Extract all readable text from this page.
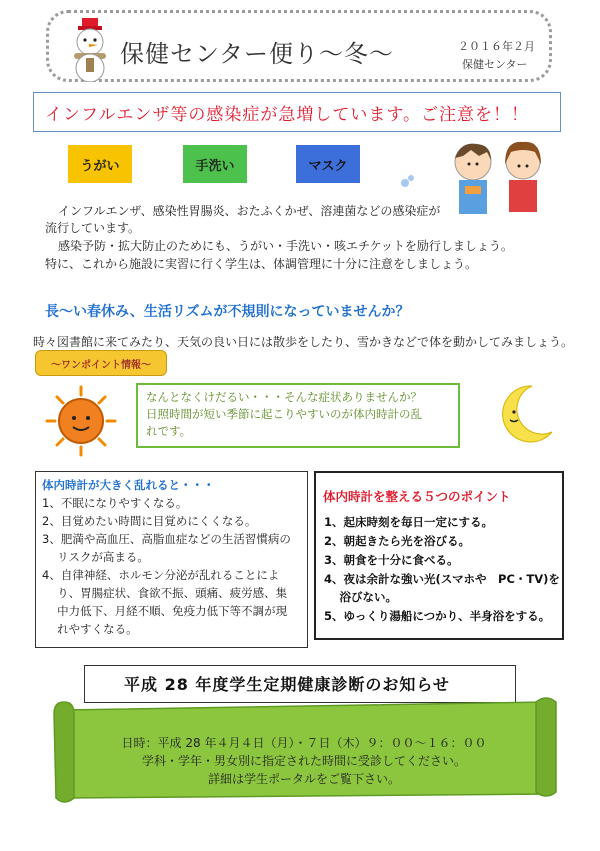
保健センター便り～冬～	２０１６年２月
保健センター
インフルエンザ等の感染症が急増しています。ご注意を！！
うがい	手洗い	マスク
インフルエンザ、感染性胃腸炎、おたふくかぜ、溶連菌などの感染症が
流行しています。
感染予防・拡大防止のためにも、うがい・手洗い・咳エチケットを励行しましょう。
特に、これから施設に実習に行く学生は、体調管理に十分に注意をしましょう。
長～い春休み、生活リズムが不規則になっていませんか？
時々図書館に来てみたり、天気の良い日には散歩をしたり、雪かきなどで体を動かしてみましょう。
～ワンポイント情報～
なんとなくけだるい・・・そんな症状ありませんか？
日照時間が短い季節に起こりやすいのが体内時計の乱
れです。
体内時計が大きく乱れると・・・
1、不眠になりやすくなる。
2、目覚めたい時間に目覚めにくくなる。
3、肥満や高血圧、高脂血症などの生活習慣病の
　 リスクが高まる。
4、自律神経、ホルモン分泌が乱れることによ
　 り、胃腸症状、食欲不振、頭痛、疲労感、集
　 中力低下、月経不順、免疫力低下等不調が現
　 れやすくなる。
体内時計を整える５つのポイント
1、起床時刻を毎日一定にする。
2、朝起きたら光を浴びる。
3、朝食を十分に食べる。
4、夜は余計な強い光(スマホや　PC・TV)を
　 浴びない。
5、ゆっくり湯船につかり、半身浴をする。
平成 28 年度学生定期健康診断のお知らせ
日時：平成 28 年４月４日（月）・７日（木）９：００～１６：００
学科・学年・男女別に指定された時間に受診してください。
詳細は学生ポータルをご覧下さい。
